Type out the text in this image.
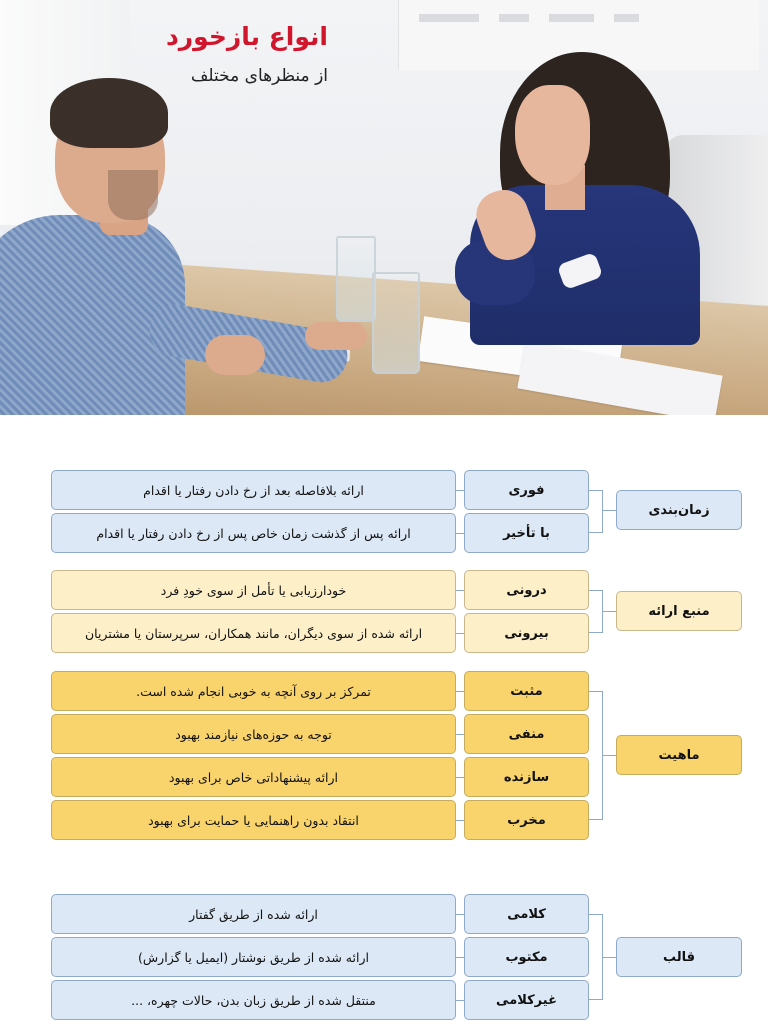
انواع بازخورد
از منظرهای مختلف
ارائه بلافاصله بعد از رخ دادن رفتار یا اقدام	فوری
ارائه پس از گذشت زمان خاص پس از رخ دادن رفتار یا اقدام	با تأخیر
زمان‌بندی
خودارزیابی یا تأمل از سوی خودِ فرد	درونی
ارائه شده از سوی دیگران، مانند همکاران، سرپرستان یا مشتریان	بیرونی
منبع ارائه
تمرکز بر روی آنچه به خوبی انجام شده است.	مثبت
توجه به حوزه‌های نیازمند بهبود	منفی
ارائه پیشنهاداتی خاص برای بهبود	سازنده
انتقاد بدون راهنمایی یا حمایت برای بهبود	مخرب
ماهیت
ارائه شده از طریق گفتار	کلامی
ارائه شده از طریق نوشتار (ایمیل یا گزارش)	مکتوب
منتقل شده از طریق زبان بدن، حالات چهره، ...	غیرکلامی
قالب
